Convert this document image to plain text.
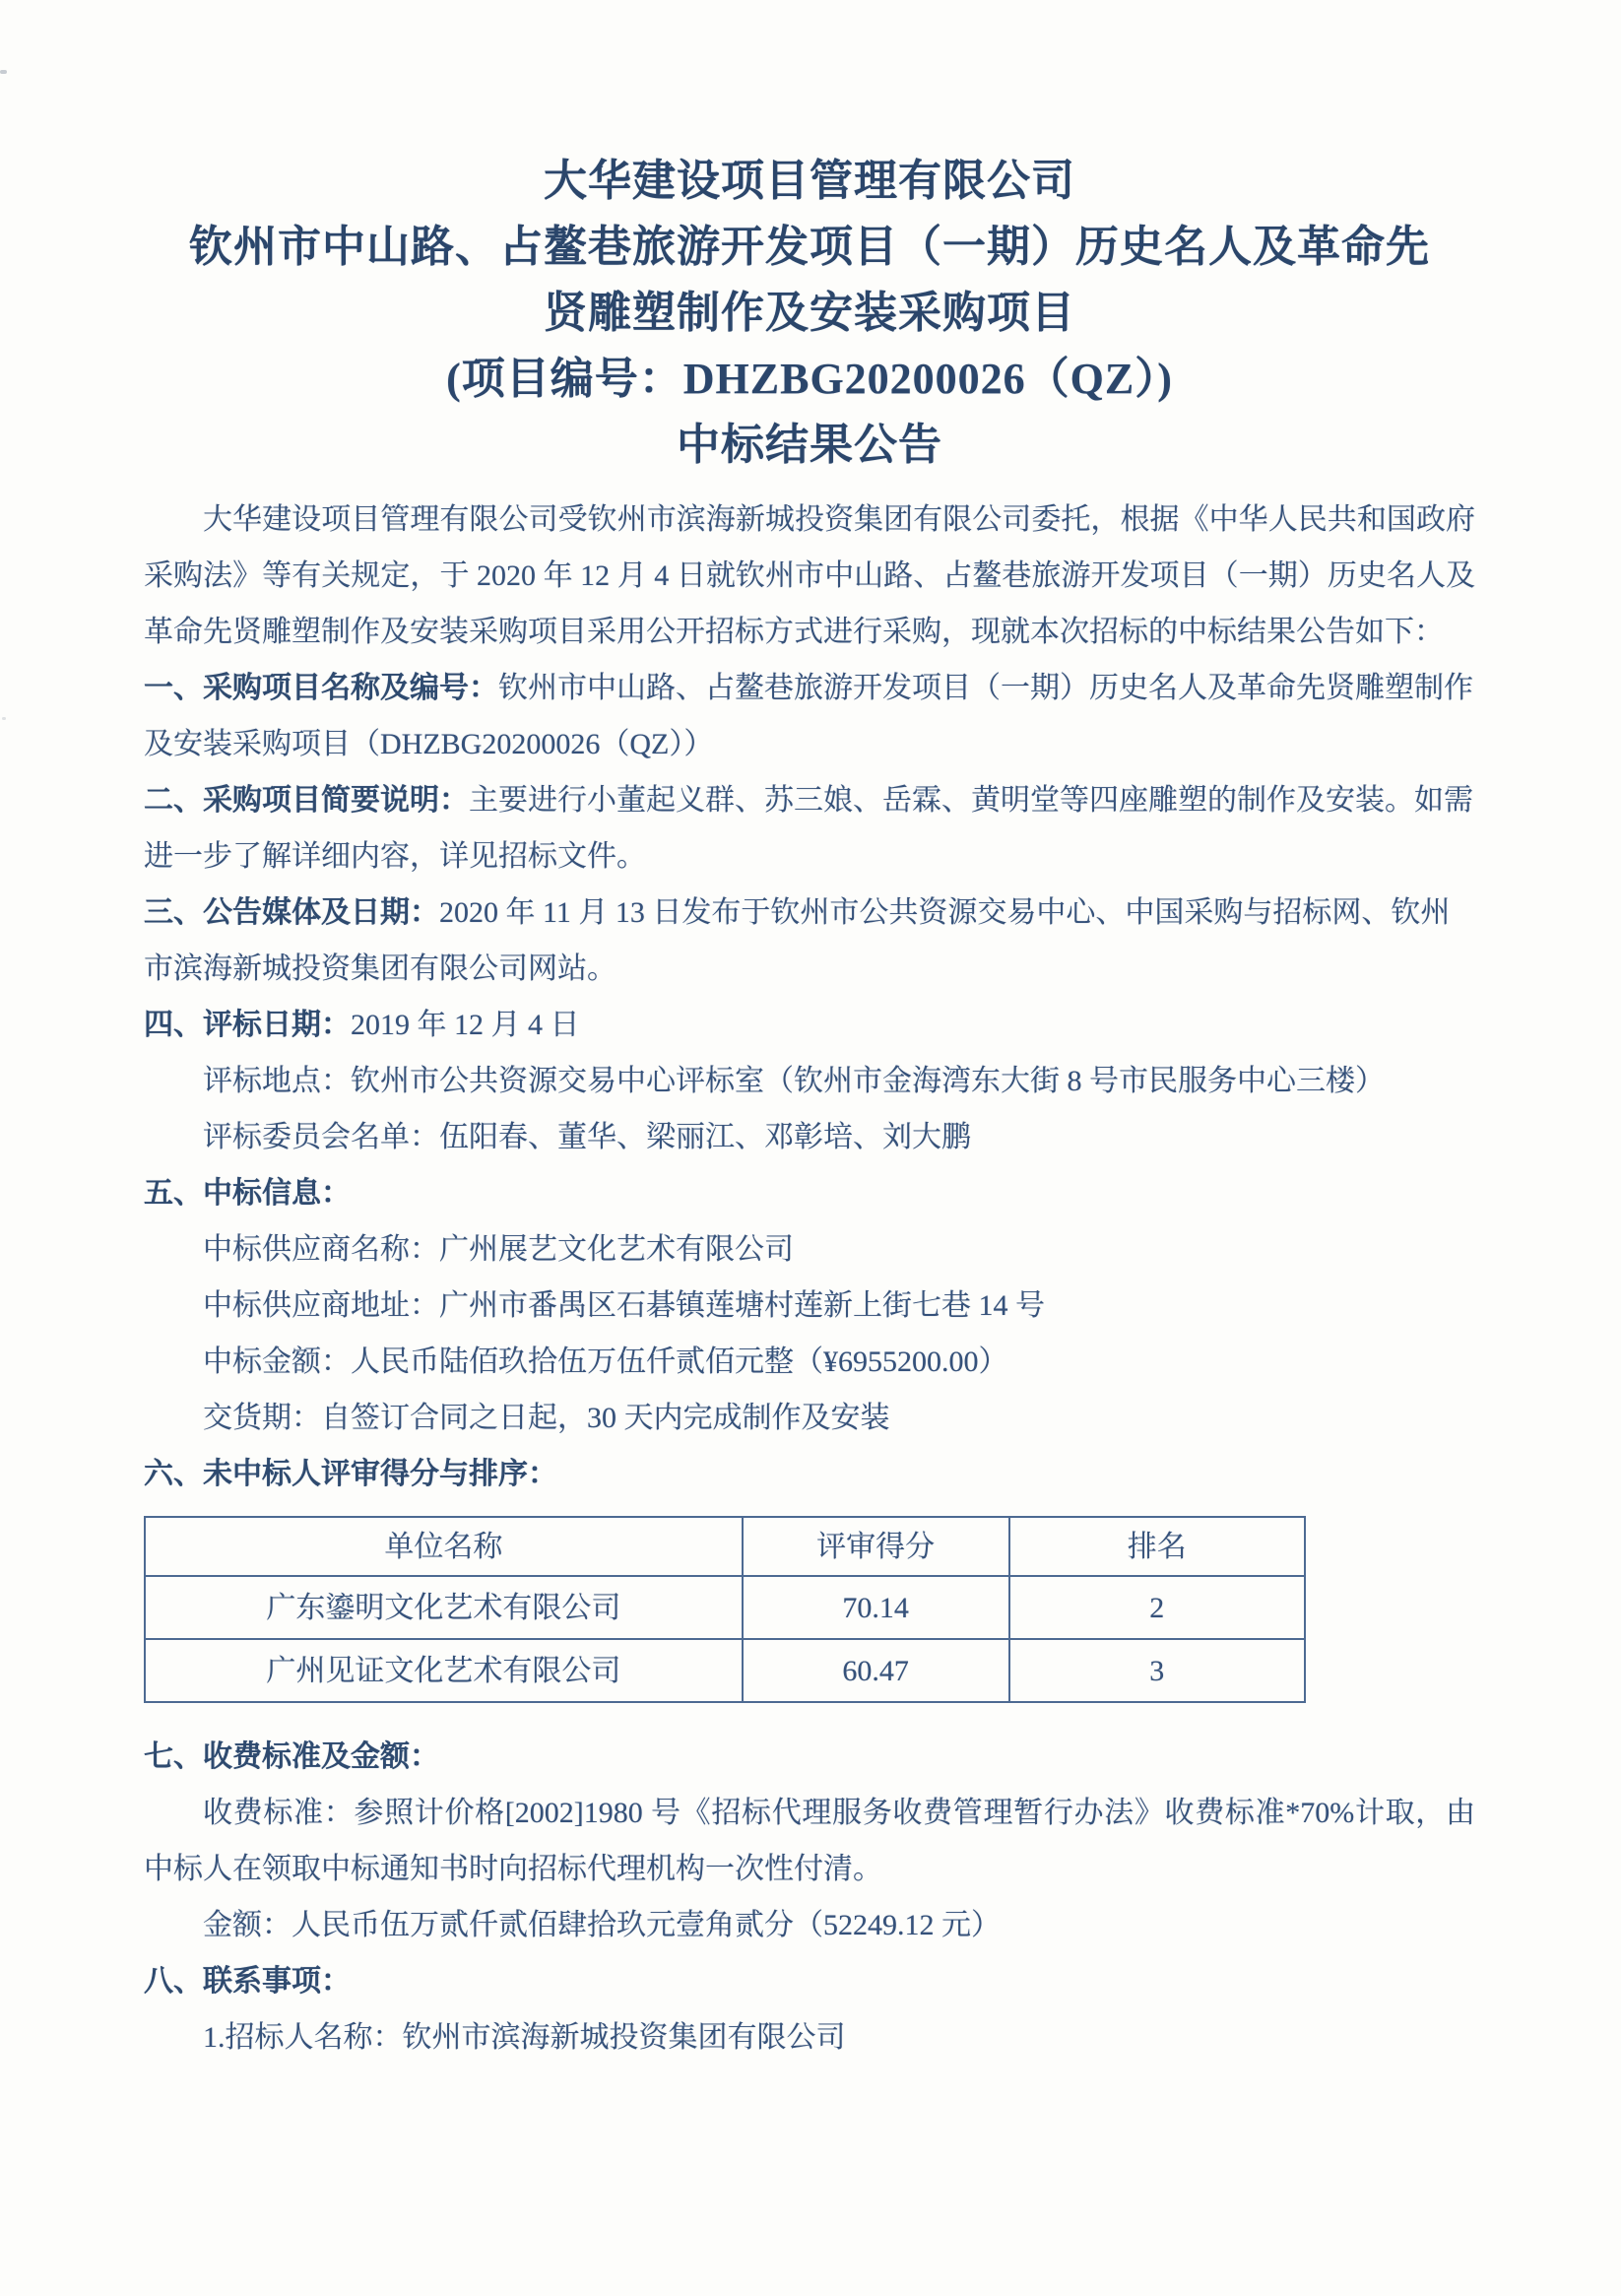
大华建设项目管理有限公司
钦州市中山路、占鳌巷旅游开发项目（一期）历史名人及革命先
贤雕塑制作及安装采购项目
(项目编号：DHZBG20200026（QZ）)
中标结果公告

大华建设项目管理有限公司受钦州市滨海新城投资集团有限公司委托，根据《中华人民共和国政府采购法》等有关规定，于 2020 年 12 月 4 日就钦州市中山路、占鳌巷旅游开发项目（一期）历史名人及革命先贤雕塑制作及安装采购项目采用公开招标方式进行采购，现就本次招标的中标结果公告如下：

一、采购项目名称及编号：钦州市中山路、占鳌巷旅游开发项目（一期）历史名人及革命先贤雕塑制作及安装采购项目（DHZBG20200026（QZ））

二、采购项目简要说明：主要进行小董起义群、苏三娘、岳霖、黄明堂等四座雕塑的制作及安装。如需进一步了解详细内容，详见招标文件。

三、公告媒体及日期：2020 年 11 月 13 日发布于钦州市公共资源交易中心、中国采购与招标网、钦州市滨海新城投资集团有限公司网站。

四、评标日期：2019 年 12 月 4 日

评标地点：钦州市公共资源交易中心评标室（钦州市金海湾东大街 8 号市民服务中心三楼）

评标委员会名单：伍阳春、董华、梁丽江、邓彰培、刘大鹏

五、中标信息：

中标供应商名称：广州展艺文化艺术有限公司

中标供应商地址：广州市番禺区石碁镇莲塘村莲新上街七巷 14 号

中标金额：人民币陆佰玖拾伍万伍仟贰佰元整（¥6955200.00）

交货期：自签订合同之日起，30 天内完成制作及安装

六、未中标人评审得分与排序：

单位名称	评审得分	排名
广东鎏明文化艺术有限公司	70.14	2
广州见证文化艺术有限公司	60.47	3

七、收费标准及金额：

收费标准：参照计价格[2002]1980 号《招标代理服务收费管理暂行办法》收费标准*70%计取，由中标人在领取中标通知书时向招标代理机构一次性付清。

金额：人民币伍万贰仟贰佰肆拾玖元壹角贰分（52249.12 元）

八、联系事项：

1.招标人名称：钦州市滨海新城投资集团有限公司
